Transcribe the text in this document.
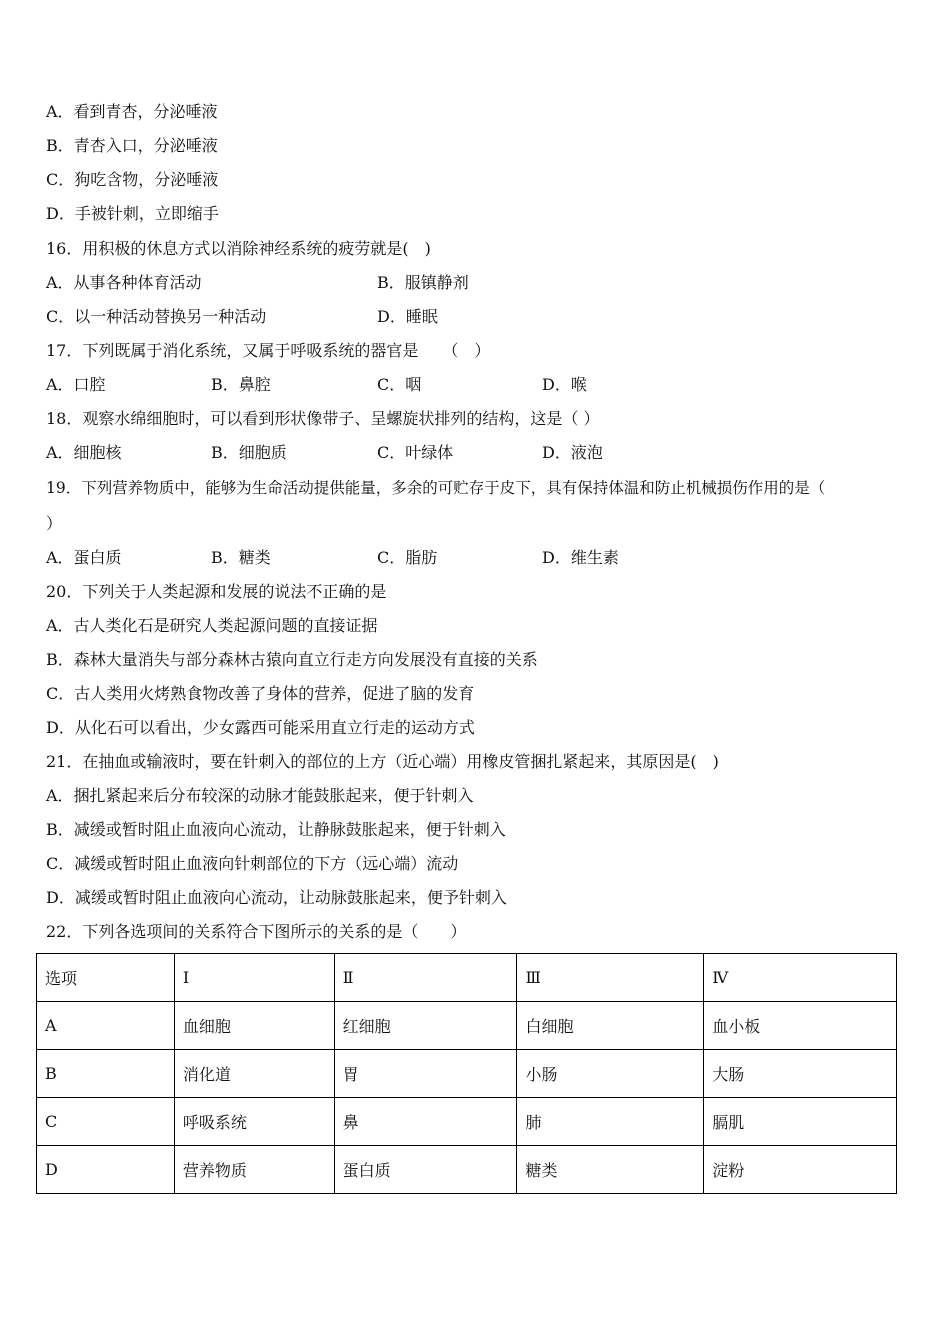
A．看到青杏，分泌唾液
B．青杏入口，分泌唾液
C．狗吃含物，分泌唾液
D．手被针刺，立即缩手
16．用积极的休息方式以消除神经系统的疲劳就是(　)
A．从事各种体育活动	B．服镇静剂
C．以一种活动替换另一种活动	D．睡眠
17．下列既属于消化系统，又属于呼吸系统的器官是　　（　）
A．口腔	B．鼻腔	C．咽	D．喉
18．观察水绵细胞时，可以看到形状像带子、呈螺旋状排列的结构，这是（ ）
A．细胞核	B．细胞质	C．叶绿体	D．液泡
19．下列营养物质中，能够为生命活动提供能量，多余的可贮存于皮下，具有保持体温和防止机械损伤作用的是（
）
A．蛋白质	B．糖类	C．脂肪	D．维生素
20．下列关于人类起源和发展的说法不正确的是
A．古人类化石是研究人类起源问题的直接证据
B．森林大量消失与部分森林古猿向直立行走方向发展没有直接的关系
C．古人类用火烤熟食物改善了身体的营养，促进了脑的发育
D．从化石可以看出，少女露西可能采用直立行走的运动方式
21．在抽血或输液时，要在针刺入的部位的上方（近心端）用橡皮管捆扎紧起来，其原因是(　)
A．捆扎紧起来后分布较深的动脉才能鼓胀起来，便于针刺入
B．减缓或暂时阻止血液向心流动，让静脉鼓胀起来，便于针刺入
C．减缓或暂时阻止血液向针刺部位的下方（远心端）流动
D．减缓或暂时阻止血液向心流动，让动脉鼓胀起来，便予针刺入
22．下列各选项间的关系符合下图所示的关系的是（　　）
选项	Ⅰ	Ⅱ	Ⅲ	Ⅳ
A	血细胞	红细胞	白细胞	血小板
B	消化道	胃	小肠	大肠
C	呼吸系统	鼻	肺	膈肌
D	营养物质	蛋白质	糖类	淀粉
